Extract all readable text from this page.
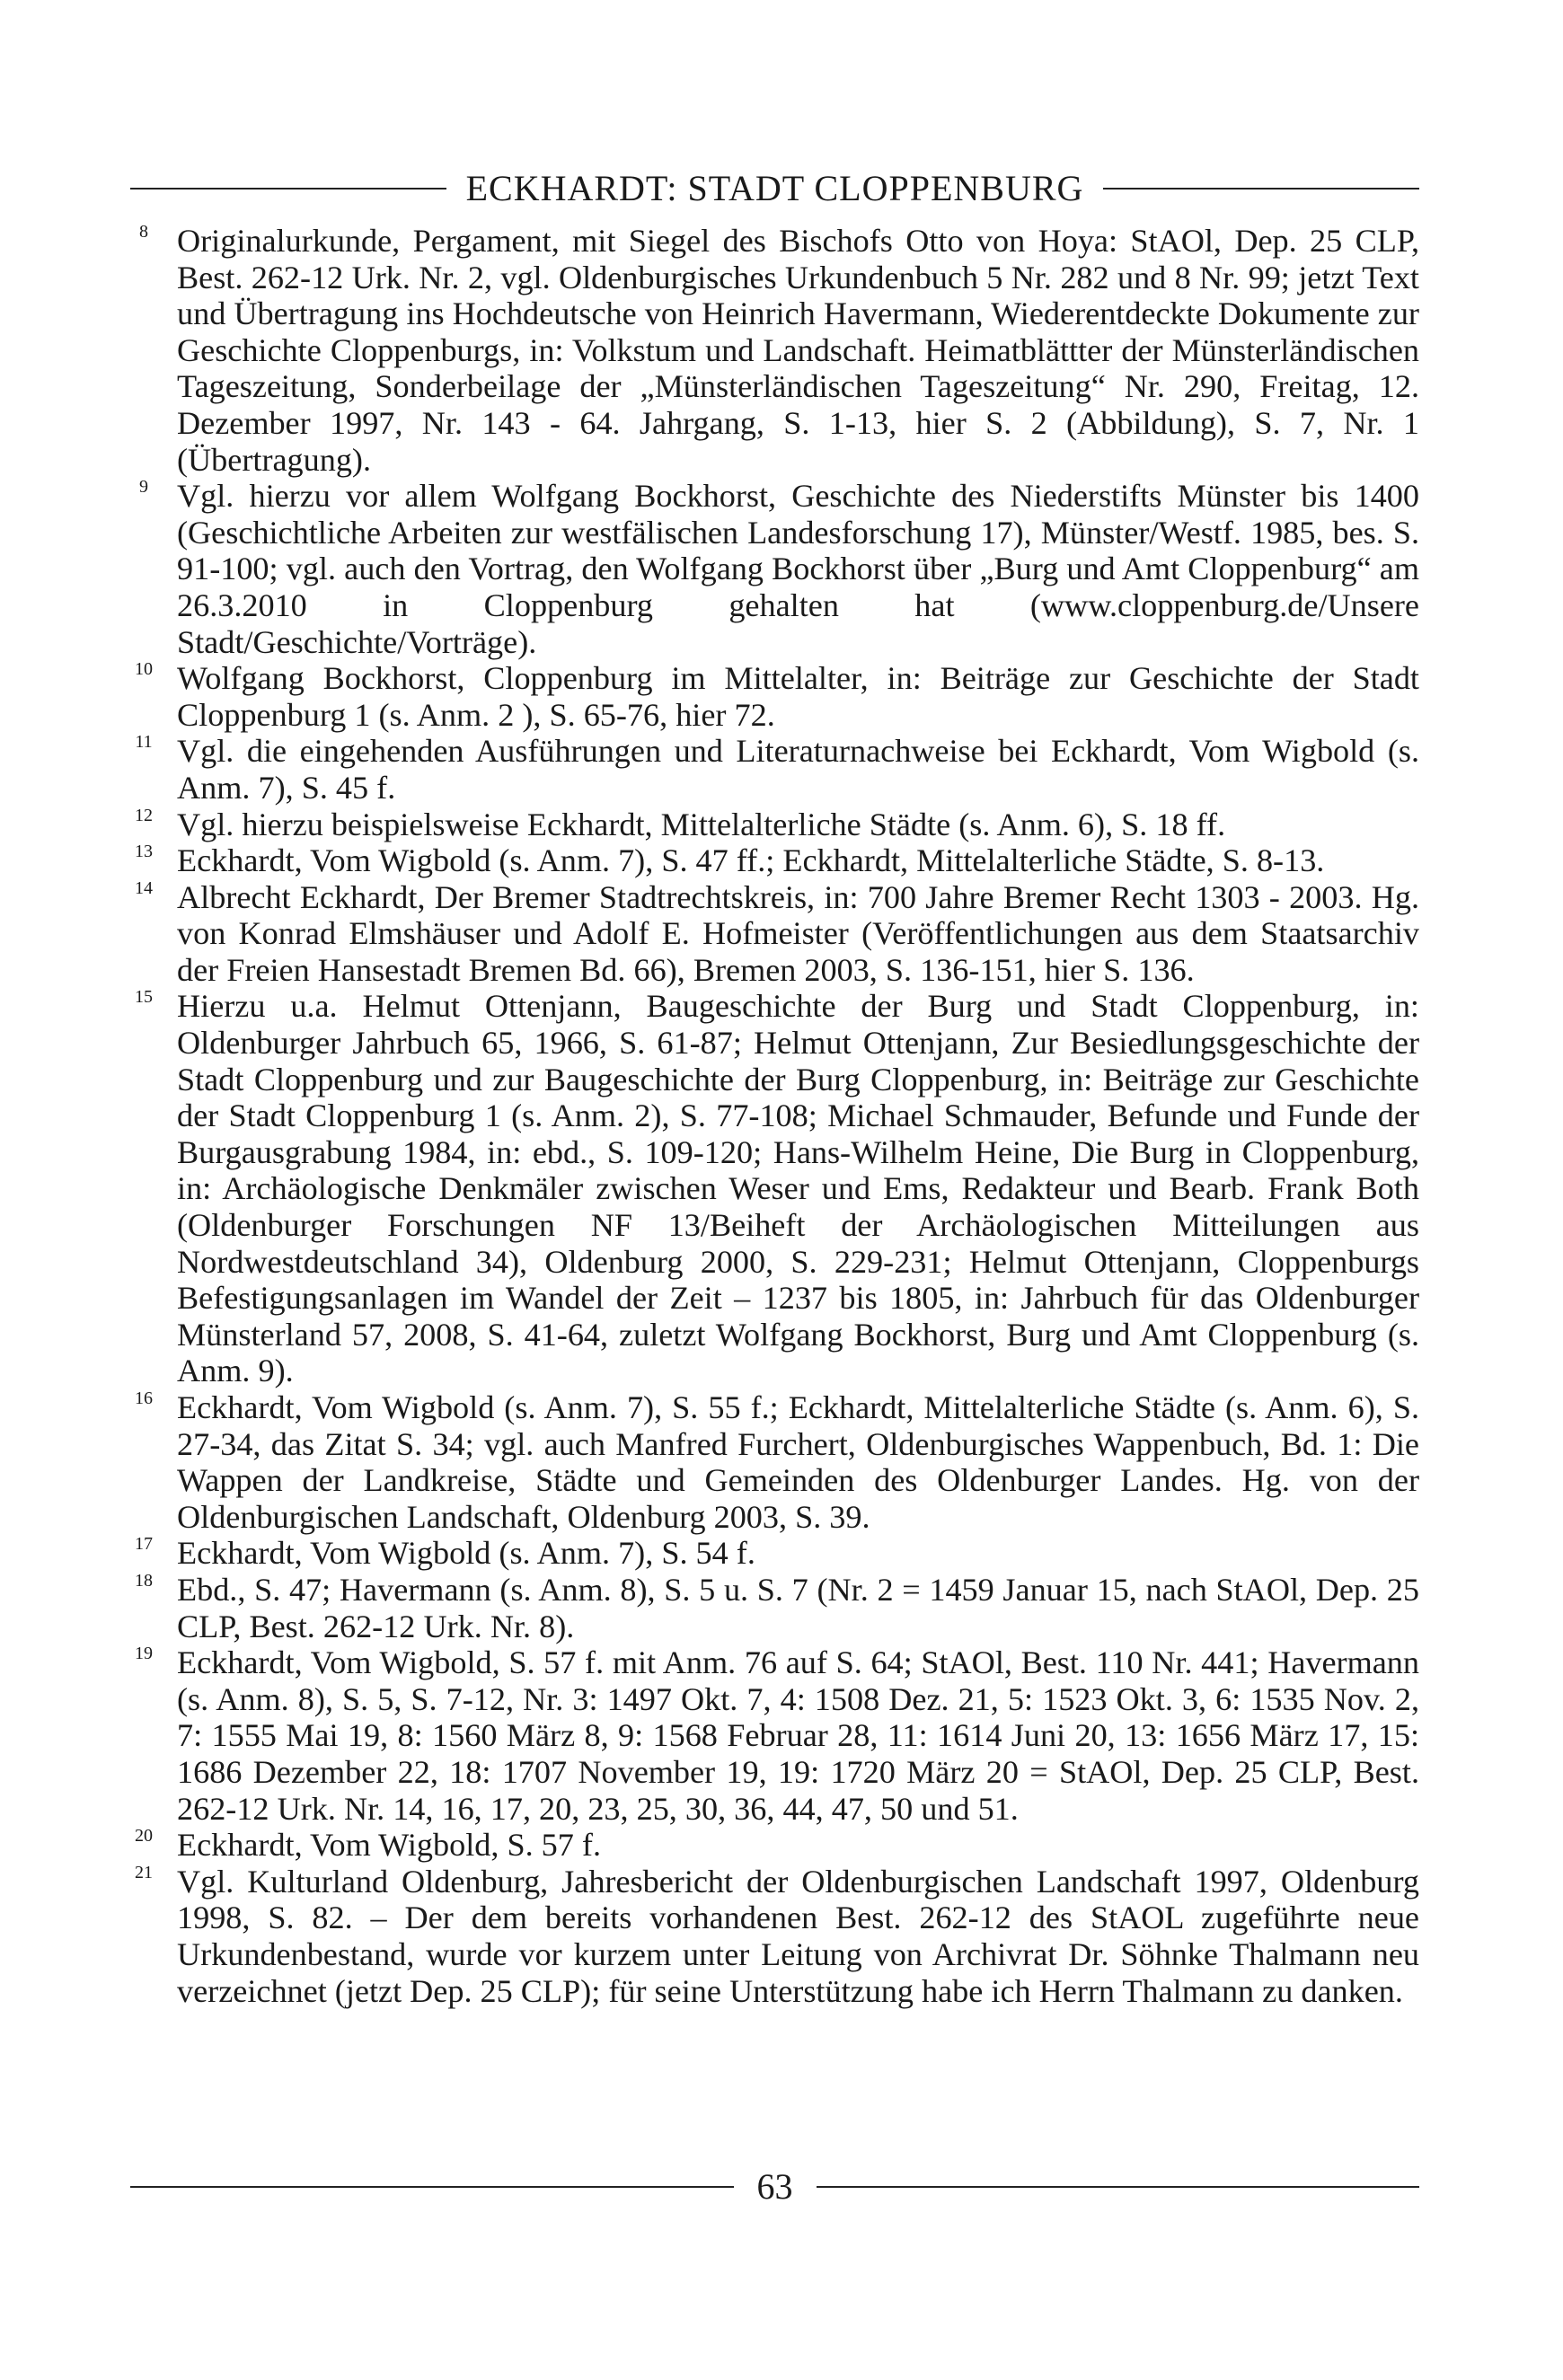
ECKHARDT: STADT CLOPPENBURG
8 Originalurkunde, Pergament, mit Siegel des Bischofs Otto von Hoya: StAOl, Dep. 25 CLP, Best. 262-12 Urk. Nr. 2, vgl. Oldenburgisches Urkundenbuch 5 Nr. 282 und 8 Nr. 99; jetzt Text und Übertragung ins Hochdeutsche von Heinrich Havermann, Wiederentdeckte Dokumente zur Geschichte Cloppenburgs, in: Volkstum und Landschaft. Heimatblättter der Münsterländischen Tageszeitung, Sonderbeilage der „Münsterländischen Tageszeitung“ Nr. 290, Freitag, 12. Dezember 1997, Nr. 143 - 64. Jahrgang, S. 1-13, hier S. 2 (Abbildung), S. 7, Nr. 1 (Übertragung).
9 Vgl. hierzu vor allem Wolfgang Bockhorst, Geschichte des Niederstifts Münster bis 1400 (Geschichtliche Arbeiten zur westfälischen Landesforschung 17), Münster/Westf. 1985, bes. S. 91-100; vgl. auch den Vortrag, den Wolfgang Bockhorst über „Burg und Amt Cloppenburg“ am 26.3.2010 in Cloppenburg gehalten hat (www.cloppenburg.de/Unsere Stadt/Geschichte/Vorträge).
10 Wolfgang Bockhorst, Cloppenburg im Mittelalter, in: Beiträge zur Geschichte der Stadt Cloppenburg 1 (s. Anm. 2 ), S. 65-76, hier 72.
11 Vgl. die eingehenden Ausführungen und Literaturnachweise bei Eckhardt, Vom Wigbold (s. Anm. 7), S. 45 f.
12 Vgl. hierzu beispielsweise Eckhardt, Mittelalterliche Städte (s. Anm. 6), S. 18 ff.
13 Eckhardt, Vom Wigbold (s. Anm. 7), S. 47 ff.; Eckhardt, Mittelalterliche Städte, S. 8-13.
14 Albrecht Eckhardt, Der Bremer Stadtrechtskreis, in: 700 Jahre Bremer Recht 1303 - 2003. Hg. von Konrad Elmshäuser und Adolf E. Hofmeister (Veröffentlichungen aus dem Staatsarchiv der Freien Hansestadt Bremen Bd. 66), Bremen 2003, S. 136-151, hier S. 136.
15 Hierzu u.a. Helmut Ottenjann, Baugeschichte der Burg und Stadt Cloppenburg, in: Oldenburger Jahrbuch 65, 1966, S. 61-87; Helmut Ottenjann, Zur Besiedlungsgeschichte der Stadt Cloppenburg und zur Baugeschichte der Burg Cloppenburg, in: Beiträge zur Geschichte der Stadt Cloppenburg 1 (s. Anm. 2), S. 77-108; Michael Schmauder, Befunde und Funde der Burgausgrabung 1984, in: ebd., S. 109-120; Hans-Wilhelm Heine, Die Burg in Cloppenburg, in: Archäologische Denkmäler zwischen Weser und Ems, Redakteur und Bearb. Frank Both (Oldenburger Forschungen NF 13/Beiheft der Archäologischen Mitteilungen aus Nordwestdeutschland 34), Oldenburg 2000, S. 229-231; Helmut Ottenjann, Cloppenburgs Befestigungsanlagen im Wandel der Zeit – 1237 bis 1805, in: Jahrbuch für das Oldenburger Münsterland 57, 2008, S. 41-64, zuletzt Wolfgang Bockhorst, Burg und Amt Cloppenburg (s. Anm. 9).
16 Eckhardt, Vom Wigbold (s. Anm. 7), S. 55 f.; Eckhardt, Mittelalterliche Städte (s. Anm. 6), S. 27-34, das Zitat S. 34; vgl. auch Manfred Furchert, Oldenburgisches Wappenbuch, Bd. 1: Die Wappen der Landkreise, Städte und Gemeinden des Oldenburger Landes. Hg. von der Oldenburgischen Landschaft, Oldenburg 2003, S. 39.
17 Eckhardt, Vom Wigbold (s. Anm. 7), S. 54 f.
18 Ebd., S. 47; Havermann (s. Anm. 8), S. 5 u. S. 7 (Nr. 2 = 1459 Januar 15, nach StAOl, Dep. 25 CLP, Best. 262-12 Urk. Nr. 8).
19 Eckhardt, Vom Wigbold, S. 57 f. mit Anm. 76 auf S. 64; StAOl, Best. 110 Nr. 441; Havermann (s. Anm. 8), S. 5, S. 7-12, Nr. 3: 1497 Okt. 7, 4: 1508 Dez. 21, 5: 1523 Okt. 3, 6: 1535 Nov. 2, 7: 1555 Mai 19, 8: 1560 März 8, 9: 1568 Februar 28, 11: 1614 Juni 20, 13: 1656 März 17, 15: 1686 Dezember 22, 18: 1707 November 19, 19: 1720 März 20 = StAOl, Dep. 25 CLP, Best. 262-12 Urk. Nr. 14, 16, 17, 20, 23, 25, 30, 36, 44, 47, 50 und 51.
20 Eckhardt, Vom Wigbold, S. 57 f.
21 Vgl. Kulturland Oldenburg, Jahresbericht der Oldenburgischen Landschaft 1997, Oldenburg 1998, S. 82. – Der dem bereits vorhandenen Best. 262-12 des StAOL zugeführte neue Urkundenbestand, wurde vor kurzem unter Leitung von Archivrat Dr. Söhnke Thalmann neu verzeichnet (jetzt Dep. 25 CLP); für seine Unterstützung habe ich Herrn Thalmann zu danken.
63
